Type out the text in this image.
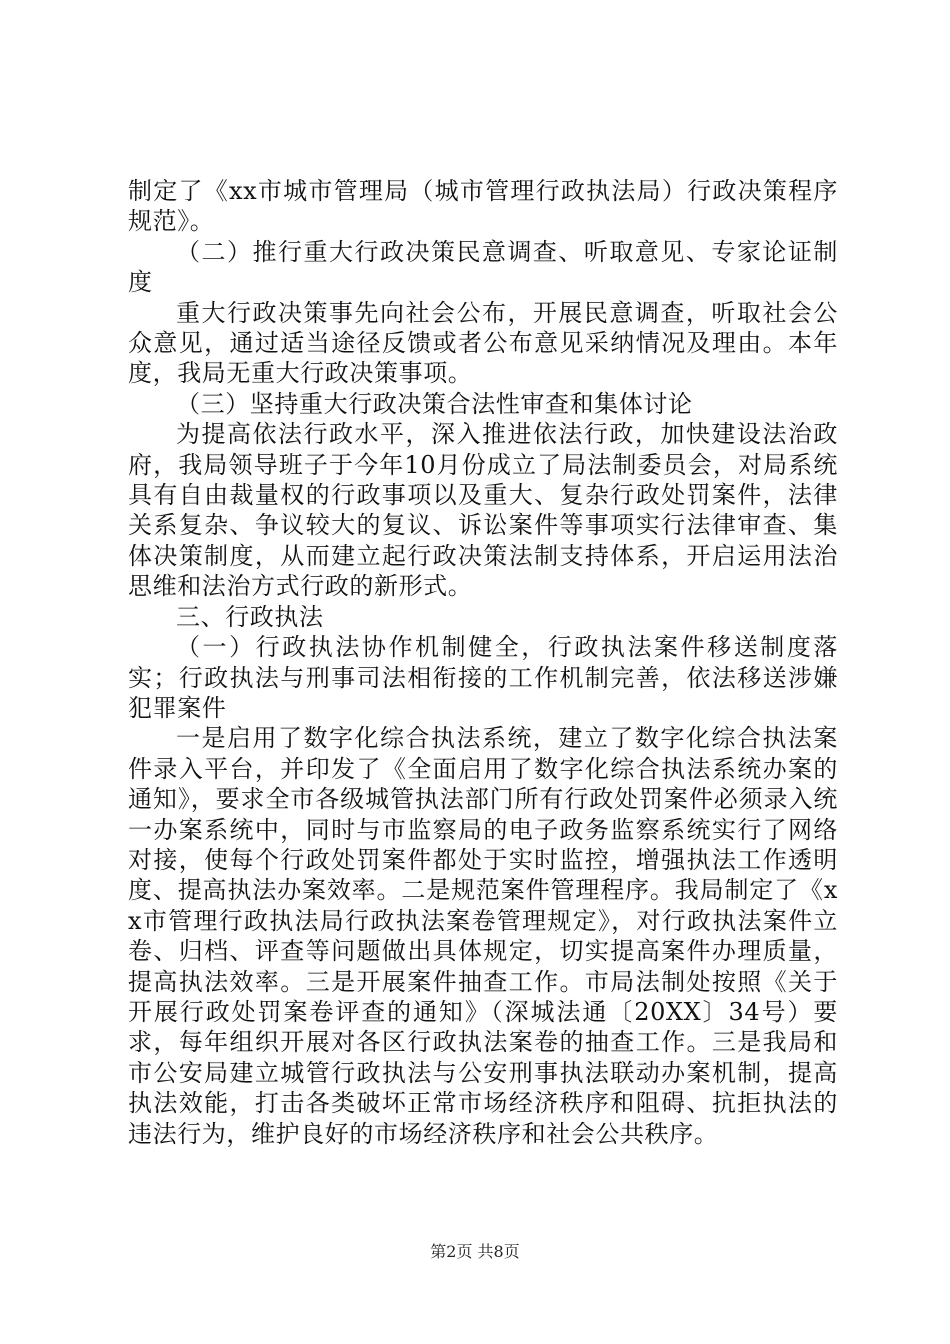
制定了《xx市城市管理局（城市管理行政执法局）行政决策程序规范》。

（二）推行重大行政决策民意调查、听取意见、专家论证制度

重大行政决策事先向社会公布，开展民意调查，听取社会公众意见，通过适当途径反馈或者公布意见采纳情况及理由。本年度，我局无重大行政决策事项。

（三）坚持重大行政决策合法性审查和集体讨论

为提高依法行政水平，深入推进依法行政，加快建设法治政府，我局领导班子于今年10月份成立了局法制委员会，对局系统具有自由裁量权的行政事项以及重大、复杂行政处罚案件，法律关系复杂、争议较大的复议、诉讼案件等事项实行法律审查、集体决策制度，从而建立起行政决策法制支持体系，开启运用法治思维和法治方式行政的新形式。

三、行政执法

（一）行政执法协作机制健全，行政执法案件移送制度落实；行政执法与刑事司法相衔接的工作机制完善，依法移送涉嫌犯罪案件

一是启用了数字化综合执法系统，建立了数字化综合执法案件录入平台，并印发了《全面启用了数字化综合执法系统办案的通知》，要求全市各级城管执法部门所有行政处罚案件必须录入统一办案系统中，同时与市监察局的电子政务监察系统实行了网络对接，使每个行政处罚案件都处于实时监控，增强执法工作透明度、提高执法办案效率。二是规范案件管理程序。我局制定了《xx市管理行政执法局行政执法案卷管理规定》，对行政执法案件立卷、归档、评查等问题做出具体规定，切实提高案件办理质量，提高执法效率。三是开展案件抽查工作。市局法制处按照《关于开展行政处罚案卷评查的通知》（深城法通〔20XX〕34号）要求，每年组织开展对各区行政执法案卷的抽查工作。三是我局和市公安局建立城管行政执法与公安刑事执法联动办案机制，提高执法效能，打击各类破坏正常市场经济秩序和阻碍、抗拒执法的违法行为，维护良好的市场经济秩序和社会公共秩序。

第2页 共8页
